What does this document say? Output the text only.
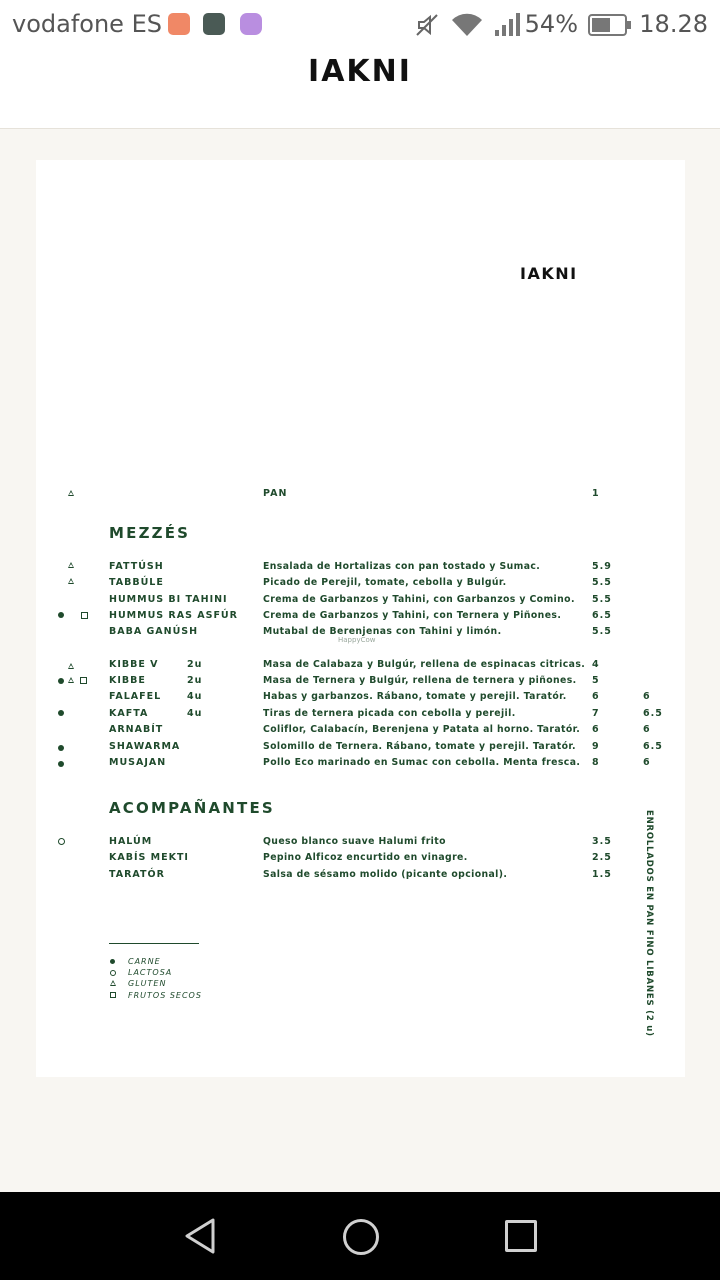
vodafone ES	54%	18.28
IAKNI
IAKNI
PAN	1
MEZZÉS
FATTÚSH	Ensalada de Hortalizas con pan tostado y Sumac.	5.9
TABBÚLE	Picado de Perejil, tomate, cebolla y Bulgúr.	5.5
HUMMUS BI TAHINI	Crema de Garbanzos y Tahini, con Garbanzos y Comino. 5.5
HUMMUS RAS ASFÚR	Crema de Garbanzos y Tahini, con Ternera y Piñones.	6.5
BABA GANÚSH	Mutabal de Berenjenas con Tahini y limón.	5.5
HappyCow
KIBBE V	2u	Masa de Calabaza y Bulgúr, rellena de espinacas citricas. 4
KIBBE	2u	Masa de Ternera y Bulgúr, rellena de ternera y piñones. 5
FALAFEL	4u	Habas y garbanzos. Rábano, tomate y perejil. Taratór.	6	6
KAFTA	4u	Tiras de ternera picada con cebolla y perejil.	7	6.5
ARNABÍT	Coliflor, Calabacín, Berenjena y Patata al horno. Taratór. 6	6
SHAWARMA	Solomillo de Ternera. Rábano, tomate y perejil. Taratór. 9	6.5
MUSAJAN	Pollo Eco marinado en Sumac con cebolla. Menta fresca. 8	6
ACOMPAÑANTES
HALÚM	Queso blanco suave Halumi frito	3.5
KABÍS MEKTI	Pepino Alficoz encurtido en vinagre.	2.5
TARATÓR	Salsa de sésamo molido (picante opcional).	1.5	ENROLLADOS EN PAN FINO LIBANES (2 u)
CARNE
LACTOSA
GLUTEN
FRUTOS SECOS
